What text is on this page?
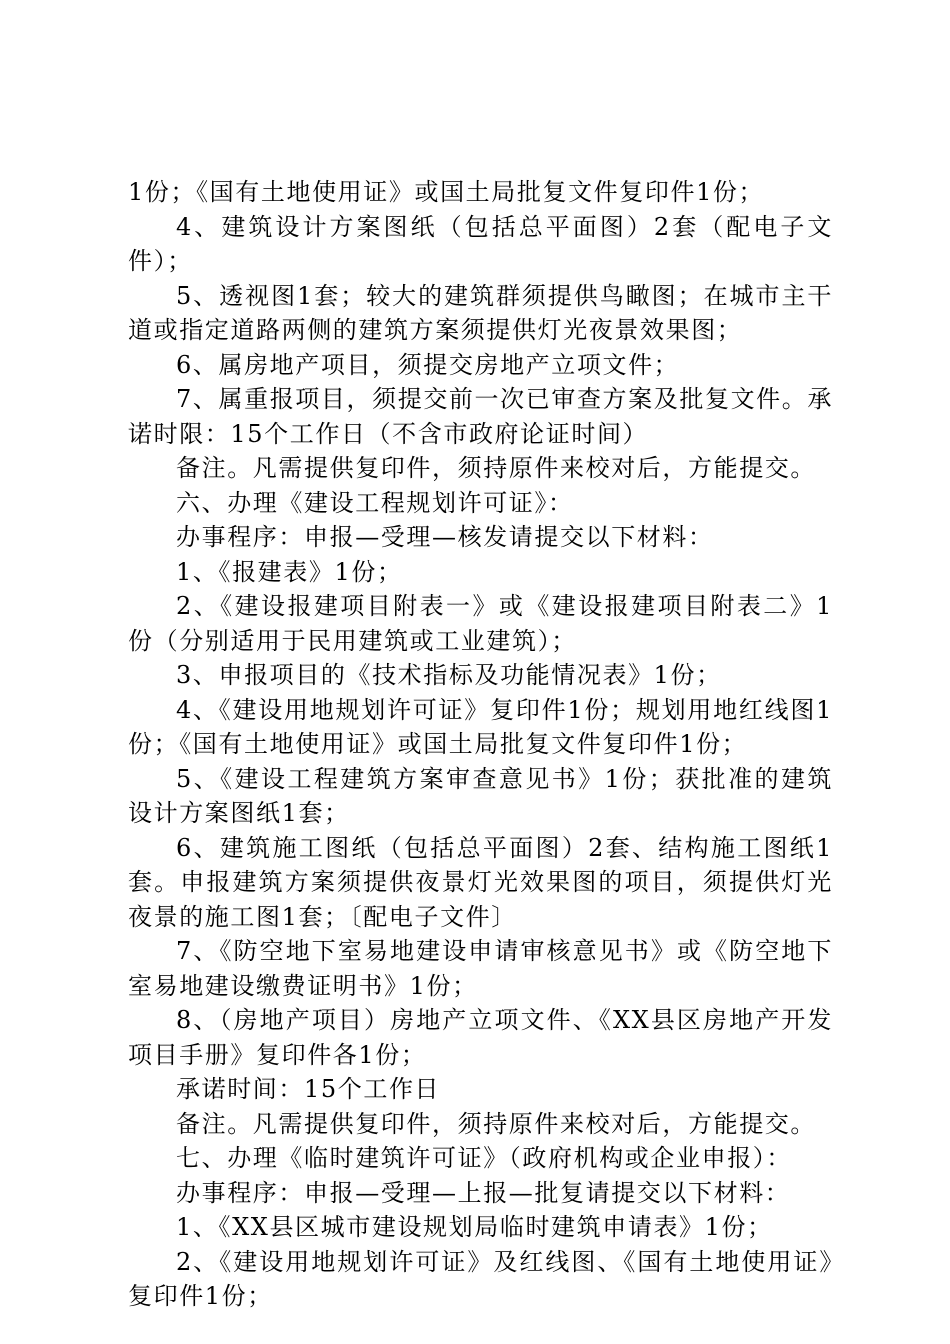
1份；《国有土地使用证》或国土局批复文件复印件1份；

4、建筑设计方案图纸（包括总平面图）2套（配电子文件）；

5、透视图1套；较大的建筑群须提供鸟瞰图；在城市主干道或指定道路两侧的建筑方案须提供灯光夜景效果图；

6、属房地产项目，须提交房地产立项文件；

7、属重报项目，须提交前一次已审查方案及批复文件。承诺时限：15个工作日（不含市政府论证时间）

备注。凡需提供复印件，须持原件来校对后，方能提交。

六、办理《建设工程规划许可证》：

办事程序：申报—受理—核发请提交以下材料：

1、《报建表》1份；

2、《建设报建项目附表一》或《建设报建项目附表二》1份（分别适用于民用建筑或工业建筑）；

3、申报项目的《技术指标及功能情况表》1份；

4、《建设用地规划许可证》复印件1份；规划用地红线图1份；《国有土地使用证》或国土局批复文件复印件1份；

5、《建设工程建筑方案审查意见书》1份；获批准的建筑设计方案图纸1套；

6、建筑施工图纸（包括总平面图）2套、结构施工图纸1套。申报建筑方案须提供夜景灯光效果图的项目，须提供灯光夜景的施工图1套；〔配电子文件〕

7、《防空地下室易地建设申请审核意见书》或《防空地下室易地建设缴费证明书》1份；

8、（房地产项目）房地产立项文件、《XX县区房地产开发项目手册》复印件各1份；

承诺时间：15个工作日

备注。凡需提供复印件，须持原件来校对后，方能提交。

七、办理《临时建筑许可证》（政府机构或企业申报）：

办事程序：申报—受理—上报—批复请提交以下材料：

1、《XX县区城市建设规划局临时建筑申请表》1份；

2、《建设用地规划许可证》及红线图、《国有土地使用证》复印件1份；
